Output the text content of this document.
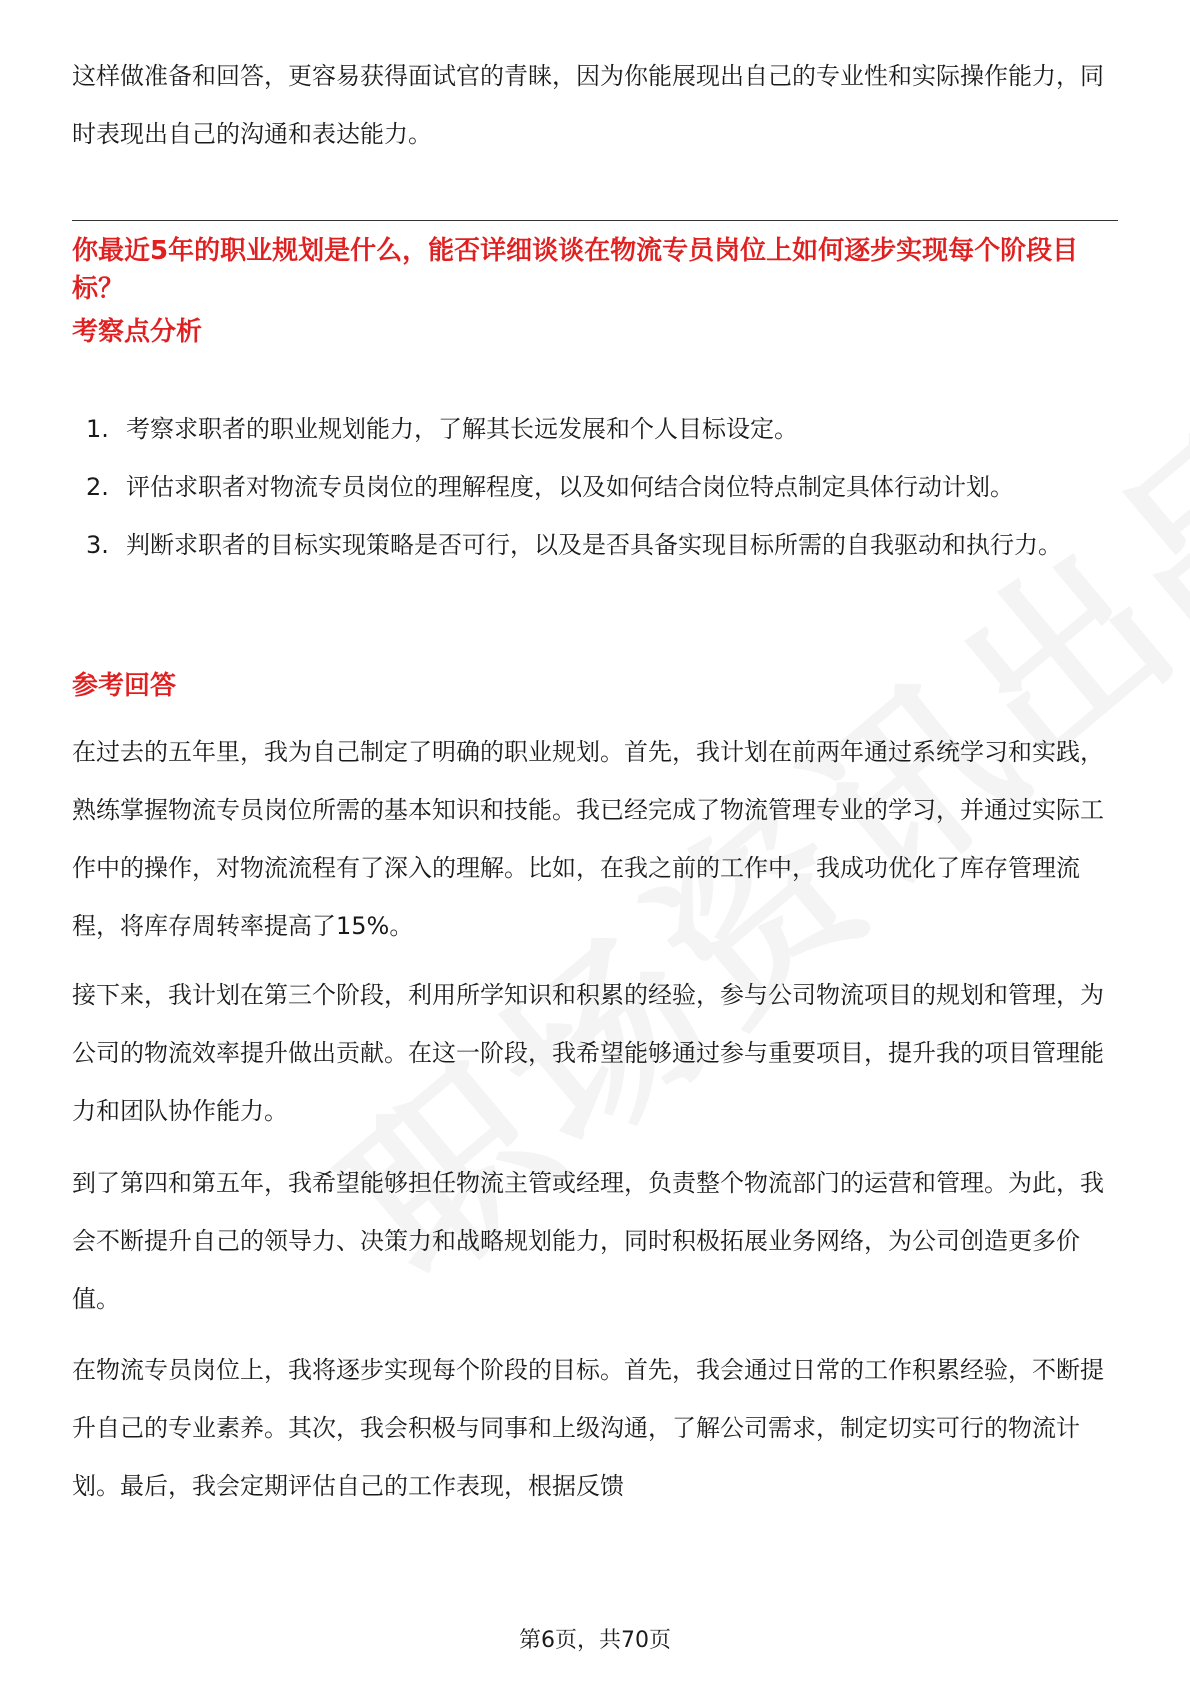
这样做准备和回答，更容易获得面试官的青睐，因为你能展现出自己的专业性和实际操作能力，同时表现出自己的沟通和表达能力。

你最近5年的职业规划是什么，能否详细谈谈在物流专员岗位上如何逐步实现每个阶段目标？
考察点分析
1. 考察求职者的职业规划能力，了解其长远发展和个人目标设定。
2. 评估求职者对物流专员岗位的理解程度，以及如何结合岗位特点制定具体行动计划。
3. 判断求职者的目标实现策略是否可行，以及是否具备实现目标所需的自我驱动和执行力。
参考回答

在过去的五年里，我为自己制定了明确的职业规划。首先，我计划在前两年通过系统学习和实践，熟练掌握物流专员岗位所需的基本知识和技能。我已经完成了物流管理专业的学习，并通过实际工作中的操作，对物流流程有了深入的理解。比如，在我之前的工作中，我成功优化了库存管理流程，将库存周转率提高了15%。

接下来，我计划在第三个阶段，利用所学知识和积累的经验，参与公司物流项目的规划和管理，为公司的物流效率提升做出贡献。在这一阶段，我希望能够通过参与重要项目，提升我的项目管理能力和团队协作能力。

到了第四和第五年，我希望能够担任物流主管或经理，负责整个物流部门的运营和管理。为此，我会不断提升自己的领导力、决策力和战略规划能力，同时积极拓展业务网络，为公司创造更多价值。

在物流专员岗位上，我将逐步实现每个阶段的目标。首先，我会通过日常的工作积累经验，不断提升自己的专业素养。其次，我会积极与同事和上级沟通，了解公司需求，制定切实可行的物流计划。最后，我会定期评估自己的工作表现，根据反馈

第6页，共70页
